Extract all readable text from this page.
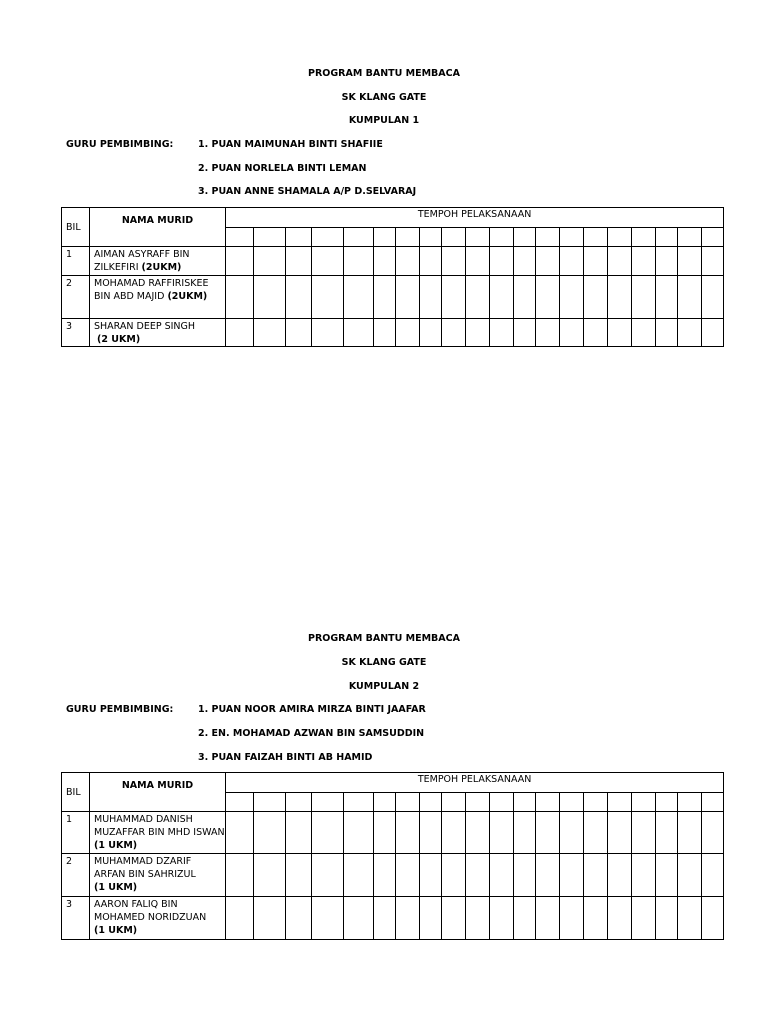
PROGRAM BANTU MEMBACA
SK KLANG GATE
KUMPULAN 1
GURU PEMBIMBING:	1. PUAN MAIMUNAH BINTI SHAFIIE
2. PUAN NORLELA BINTI LEMAN
3. PUAN ANNE SHAMALA A/P D.SELVARAJ
BIL	NAMA MURID	TEMPOH PELAKSANAAN																			

1	AIMAN ASYRAFF BIN ZILKEFIRI (2UKM)																				
2	MOHAMAD RAFFIRISKEE BIN ABD MAJID (2UKM)																				
3	SHARAN DEEP SINGH
(2 UKM)																				
PROGRAM BANTU MEMBACA
SK KLANG GATE
KUMPULAN 2
GURU PEMBIMBING:	1. PUAN NOOR AMIRA MIRZA BINTI JAAFAR
2. EN. MOHAMAD AZWAN BIN SAMSUDDIN
3. PUAN FAIZAH BINTI AB HAMID
BIL	NAMA MURID	TEMPOH PELAKSANAAN																			

1	MUHAMMAD DANISH MUZAFFAR BIN MHD ISWAN (1 UKM)																				
2	MUHAMMAD DZARIF ARFAN BIN SAHRIZUL
(1 UKM)																				
3	AARON FALIQ BIN MOHAMED NORIDZUAN
(1 UKM)																				
